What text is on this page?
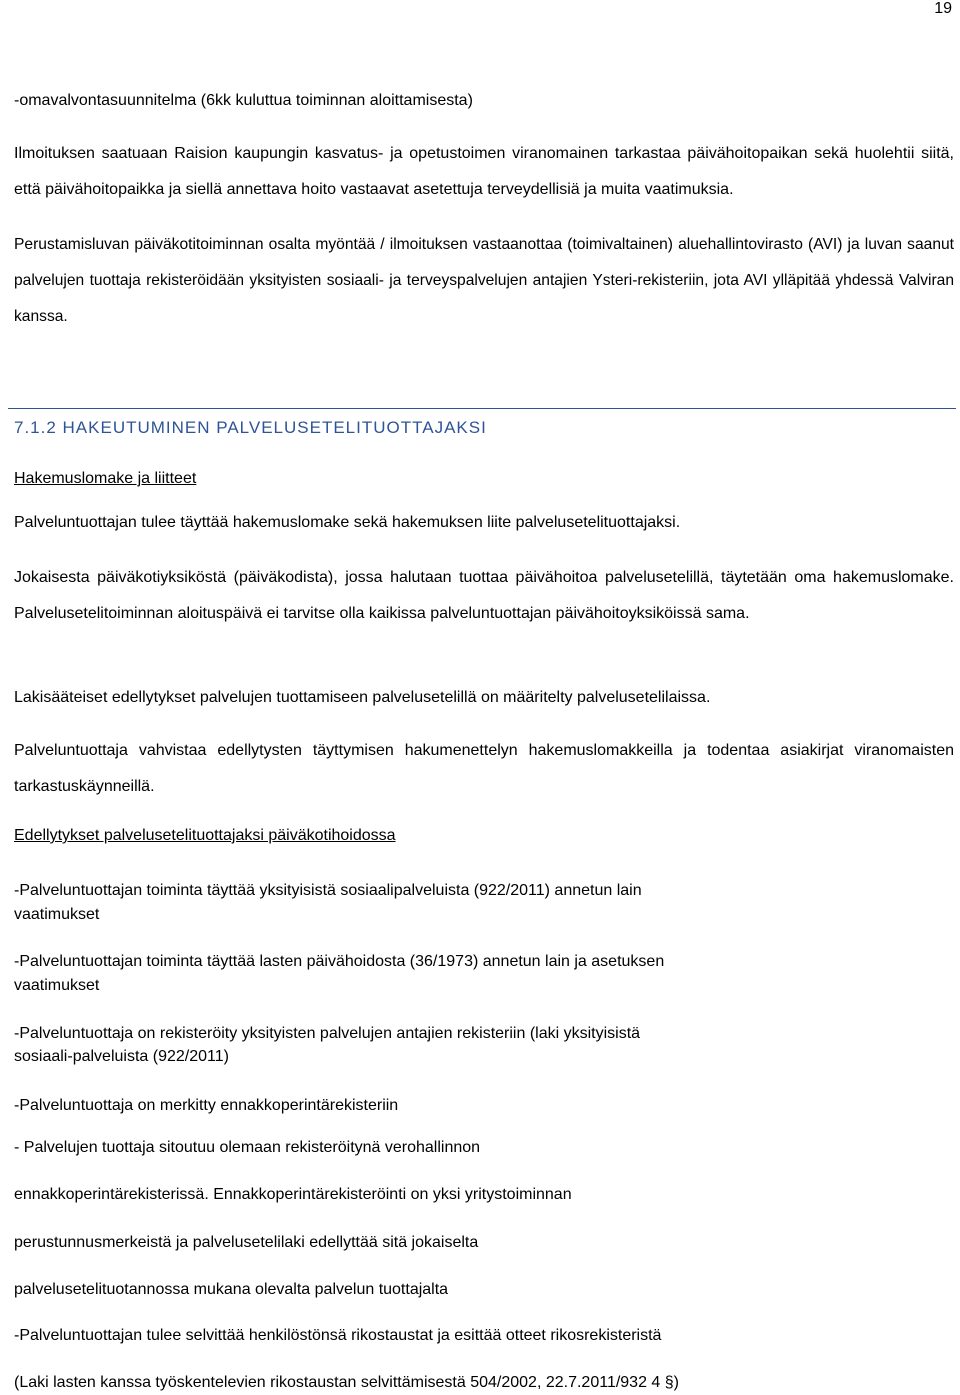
19
-omavalvontasuunnitelma (6kk kuluttua toiminnan aloittamisesta)
Ilmoituksen saatuaan Raision kaupungin kasvatus- ja opetustoimen viranomainen tarkastaa päivähoitopaikan sekä huolehtii siitä, että päivähoitopaikka ja siellä annettava hoito vastaavat asetettuja terveydellisiä ja muita vaatimuksia.
Perustamisluvan päiväkotitoiminnan osalta myöntää / ilmoituksen vastaanottaa (toimivaltainen) aluehallintovirasto (AVI) ja luvan saanut palvelujen tuottaja rekisteröidään yksityisten sosiaali- ja terveyspalvelujen antajien Ysteri-rekisteriin, jota AVI ylläpitää yhdessä Valviran kanssa.
7.1.2 HAKEUTUMINEN PALVELUSETELITUOTTAJAKSI
Hakemuslomake ja liitteet
Palveluntuottajan tulee täyttää hakemuslomake sekä hakemuksen liite palvelusetelituottajaksi.
Jokaisesta päiväkotiyksiköstä (päiväkodista), jossa halutaan tuottaa päivähoitoa palvelusetelillä, täytetään oma hakemuslomake. Palvelusetelitoiminnan aloituspäivä ei tarvitse olla kaikissa palveluntuottajan päivähoitoyksiköissä sama.
Lakisääteiset edellytykset palvelujen tuottamiseen palvelusetelillä on määritelty palvelusetelilaissa.
Palveluntuottaja vahvistaa edellytysten täyttymisen hakumenettelyn hakemuslomakkeilla ja todentaa asiakirjat viranomaisten tarkastuskäynneillä.
Edellytykset palvelusetelituottajaksi päiväkotihoidossa
-Palveluntuottajan toiminta täyttää yksityisistä sosiaalipalveluista (922/2011) annetun lain
vaatimukset
-Palveluntuottajan toiminta täyttää lasten päivähoidosta (36/1973) annetun lain ja asetuksen
vaatimukset
-Palveluntuottaja on rekisteröity yksityisten palvelujen antajien rekisteriin (laki yksityisistä
sosiaali-palveluista (922/2011)
-Palveluntuottaja on merkitty ennakkoperintärekisteriin
- Palvelujen tuottaja sitoutuu olemaan rekisteröitynä verohallinnon
ennakkoperintärekisterissä. Ennakkoperintärekisteröinti on yksi yritystoiminnan
perustunnusmerkeistä ja palvelusetelilaki edellyttää sitä jokaiselta
palvelusetelituotannossa mukana olevalta palvelun tuottajalta
-Palveluntuottajan tulee selvittää henkilöstönsä rikostaustat ja esittää otteet rikosrekisteristä
(Laki lasten kanssa työskentelevien rikostaustan selvittämisestä 504/2002, 22.7.2011/932 4 §)
